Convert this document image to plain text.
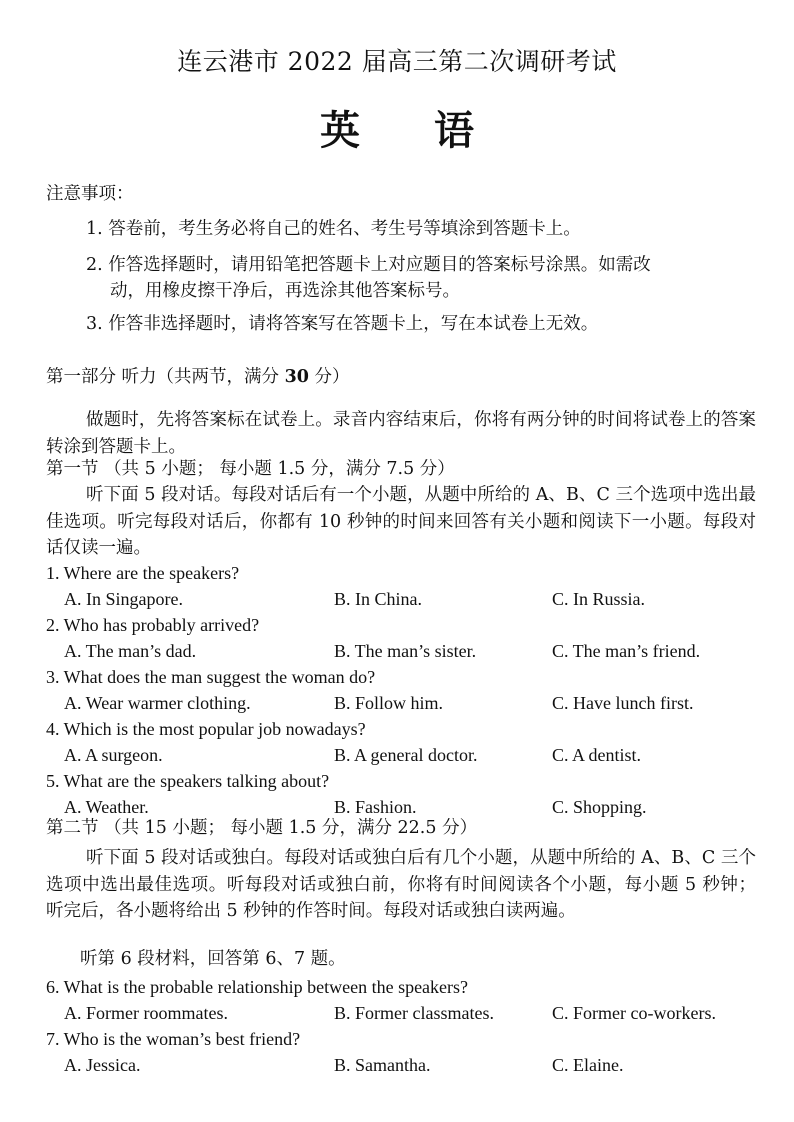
连云港市 2022 届高三第二次调研考试
英 语
注意事项：
1. 答卷前，考生务必将自己的姓名、考生号等填涂到答题卡上。
2. 作答选择题时，请用铅笔把答题卡上对应题目的答案标号涂黑。如需改
动，用橡皮擦干净后，再选涂其他答案标号。
3. 作答非选择题时，请将答案写在答题卡上，写在本试卷上无效。
第一部分 听力（共两节，满分 30 分）
做题时，先将答案标在试卷上。录音内容结束后，你将有两分钟的时间将试卷上的答案转涂到答题卡上。
第一节 （共 5 小题； 每小题 1.5 分，满分 7.5 分）
听下面 5 段对话。每段对话后有一个小题，从题中所给的 A、B、C 三个选项中选出最佳选项。听完每段对话后，你都有 10 秒钟的时间来回答有关小题和阅读下一小题。每段对话仅读一遍。
1. Where are the speakers?
A. In Singapore.	B. In China.	C. In Russia.
2. Who has probably arrived?
A. The man’s dad.	B. The man’s sister.	C. The man’s friend.
3. What does the man suggest the woman do?
A. Wear warmer clothing.	B. Follow him.	C. Have lunch first.
4. Which is the most popular job nowadays?
A. A surgeon.	B. A general doctor.	C. A dentist.
5. What are the speakers talking about?
A. Weather.	B. Fashion.	C. Shopping.
第二节 （共 15 小题； 每小题 1.5 分，满分 22.5 分）
听下面 5 段对话或独白。每段对话或独白后有几个小题，从题中所给的 A、B、C 三个选项中选出最佳选项。听每段对话或独白前，你将有时间阅读各个小题，每小题 5 秒钟； 听完后，各小题将给出 5 秒钟的作答时间。每段对话或独白读两遍。
听第 6 段材料，回答第 6、7 题。
6. What is the probable relationship between the speakers?
A. Former roommates.	B. Former classmates.	C. Former co-workers.
7. Who is the woman’s best friend?
A. Jessica.	B. Samantha.	C. Elaine.
